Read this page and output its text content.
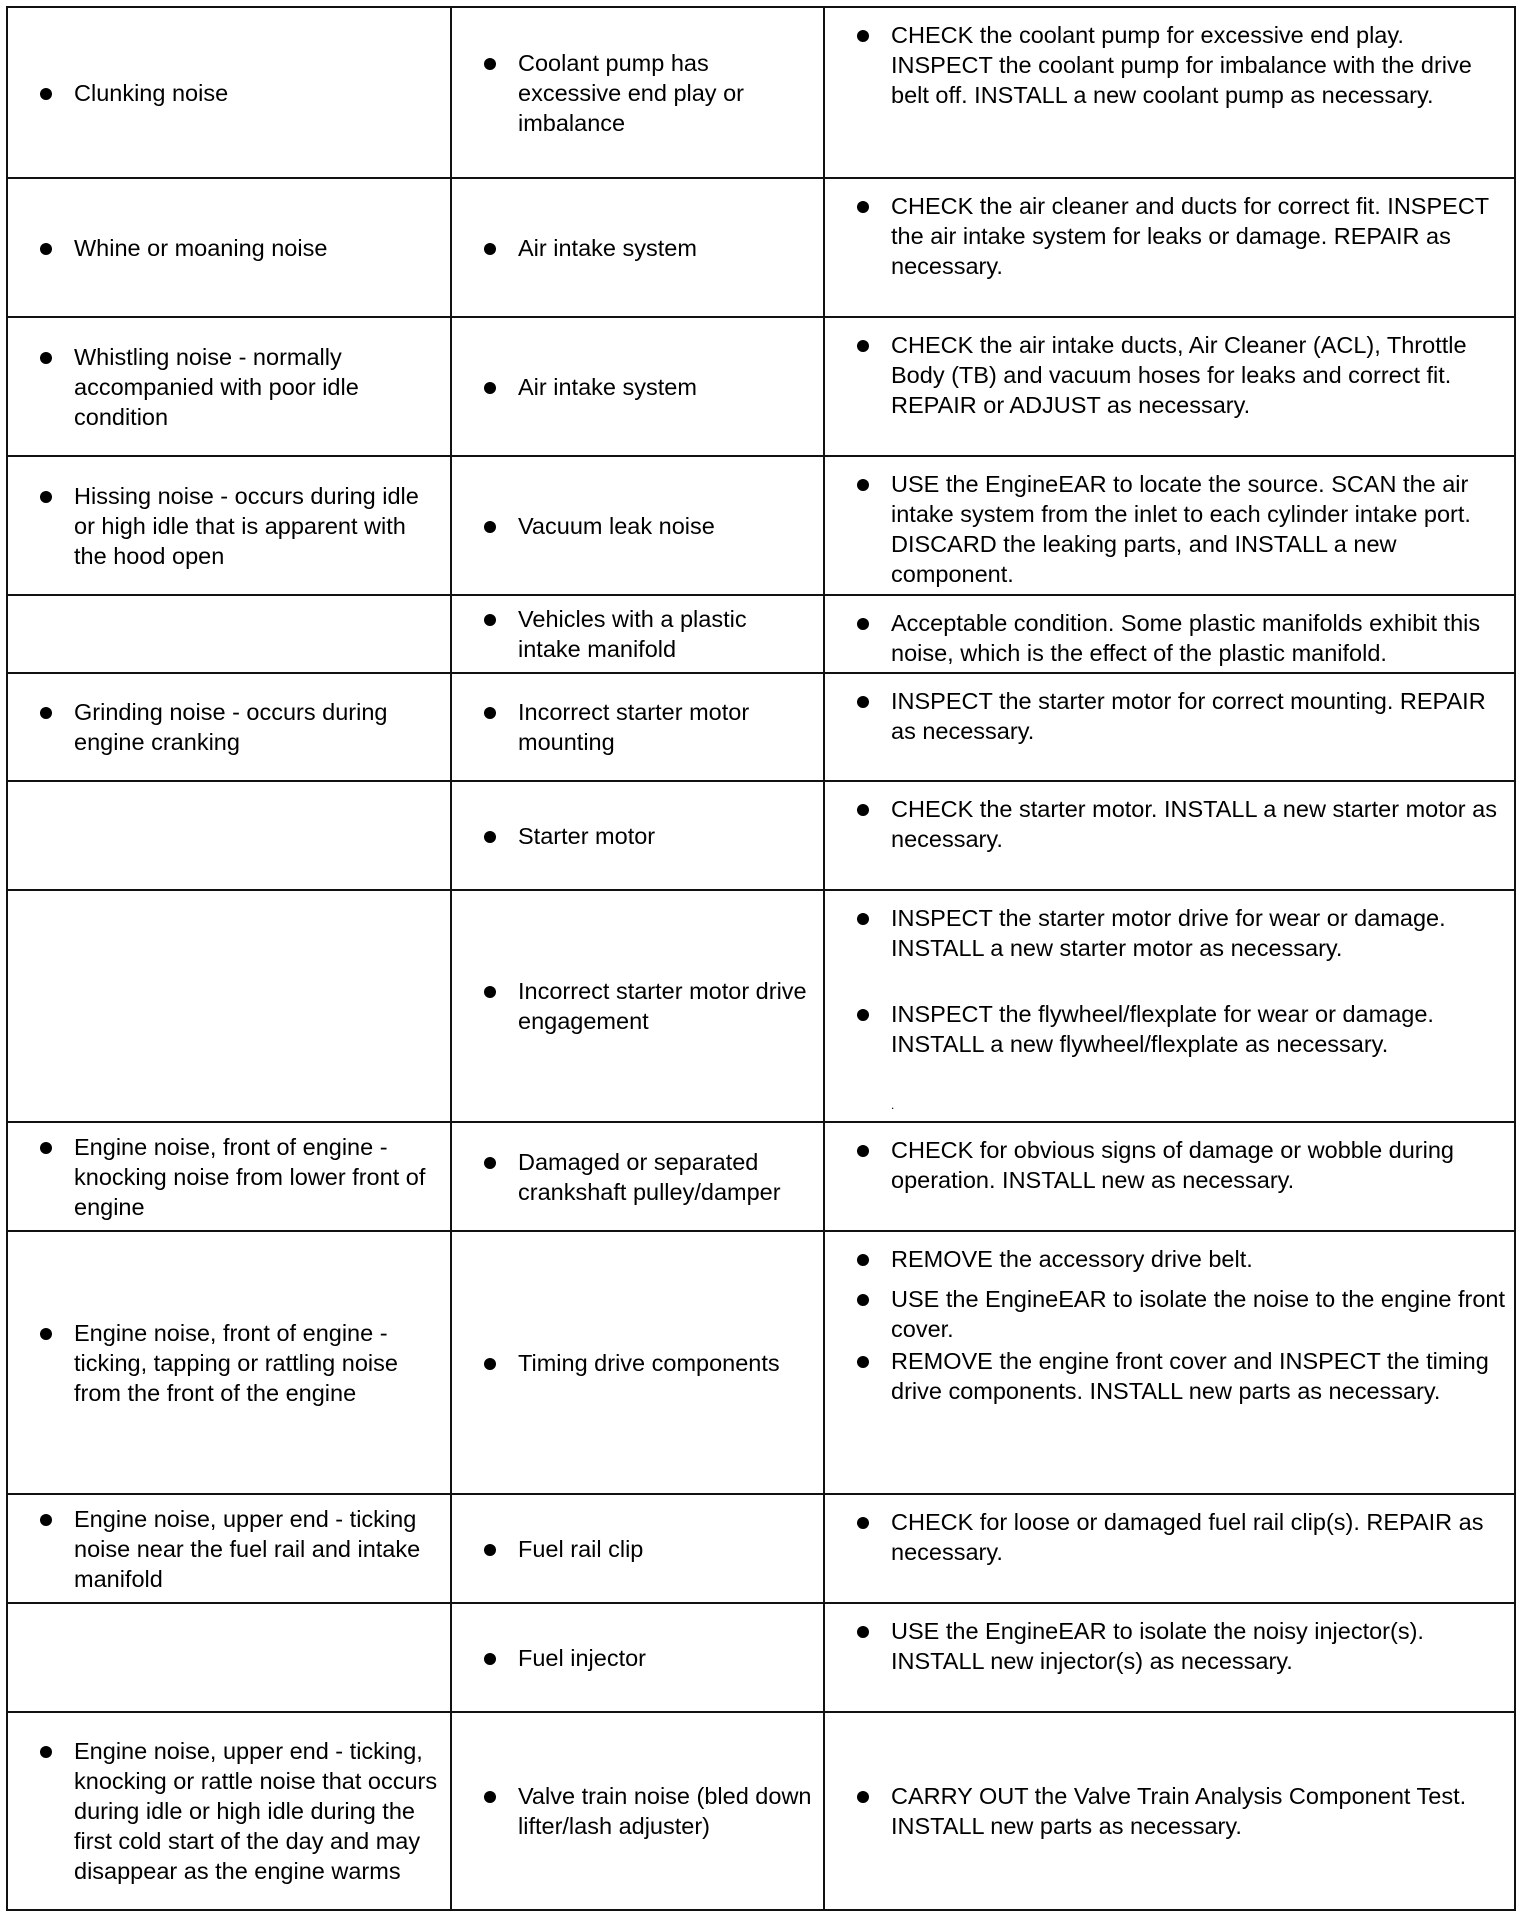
Clunking noise	Coolant pump has excessive end play or imbalance	CHECK the coolant pump for excessive end play. INSPECT the coolant pump for imbalance with the drive belt off. INSTALL a new coolant pump as necessary.

Whine or moaning noise	Air intake system	CHECK the air cleaner and ducts for correct fit. INSPECT the air intake system for leaks or damage. REPAIR as necessary.

Whistling noise - normally accompanied with poor idle condition	Air intake system	CHECK the air intake ducts, Air Cleaner (ACL), Throttle Body (TB) and vacuum hoses for leaks and correct fit. REPAIR or ADJUST as necessary.

Hissing noise - occurs during idle or high idle that is apparent with the hood open	Vacuum leak noise	USE the EngineEAR to locate the source. SCAN the air intake system from the inlet to each cylinder intake port. DISCARD the leaking parts, and INSTALL a new component.

	Vehicles with a plastic intake manifold	Acceptable condition. Some plastic manifolds exhibit this noise, which is the effect of the plastic manifold.

Grinding noise - occurs during engine cranking	Incorrect starter motor mounting	INSPECT the starter motor for correct mounting. REPAIR as necessary.

	Starter motor	CHECK the starter motor. INSTALL a new starter motor as necessary.

	Incorrect starter motor drive engagement	INSPECT the starter motor drive for wear or damage. INSTALL a new starter motor as necessary.
INSPECT the flywheel/flexplate for wear or damage. INSTALL a new flywheel/flexplate as necessary.
.

Engine noise, front of engine - knocking noise from lower front of engine	Damaged or separated crankshaft pulley/damper	CHECK for obvious signs of damage or wobble during operation. INSTALL new as necessary.

Engine noise, front of engine - ticking, tapping or rattling noise from the front of the engine	Timing drive components	REMOVE the accessory drive belt.
USE the EngineEAR to isolate the noise to the engine front cover.
REMOVE the engine front cover and INSPECT the timing drive components. INSTALL new parts as necessary.

Engine noise, upper end - ticking noise near the fuel rail and intake manifold	Fuel rail clip	CHECK for loose or damaged fuel rail clip(s). REPAIR as necessary.

	Fuel injector	USE the EngineEAR to isolate the noisy injector(s). INSTALL new injector(s) as necessary.

Engine noise, upper end - ticking, knocking or rattle noise that occurs during idle or high idle during the first cold start of the day and may disappear as the engine warms	Valve train noise (bled down lifter/lash adjuster)	CARRY OUT the Valve Train Analysis Component Test. INSTALL new parts as necessary.
